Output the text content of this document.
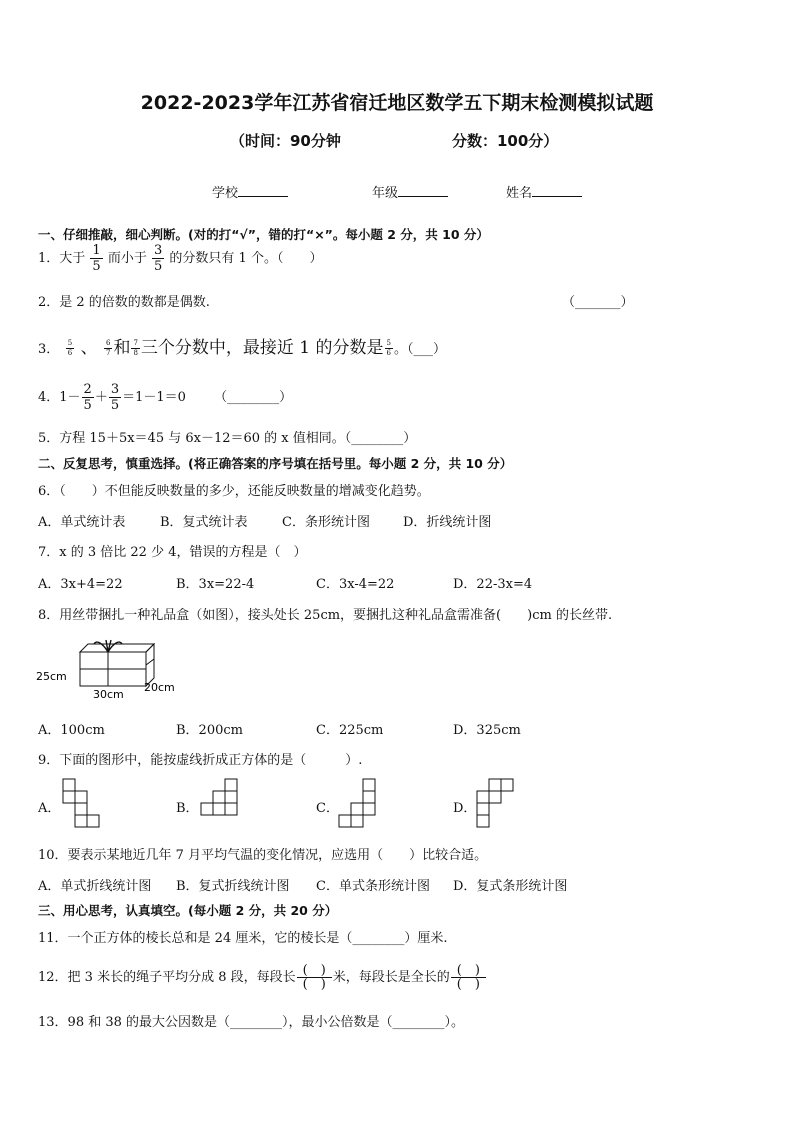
2022-2023学年江苏省宿迁地区数学五下期末检测模拟试题
（时间：90分钟	分数：100分）
学校	年级	姓名
一、仔细推敲，细心判断。(对的打“√”，错的打“×”。每小题 2 分，共 10 分）
1．大于 $\frac{1}{5}$ 而小于 $\frac{3}{5}$ 的分数只有 1 个。（　　）
2．是 2 的倍数的数都是偶数.	（_______）
3． $\frac{5}{6}$ 、 $\frac{6}{7}$ 和 $\frac{7}{8}$ 三个分数中，最接近 1 的分数是 $\frac{5}{6}$ 。（___）
4．$1- \frac{2}{5} + \frac{3}{5} =1-1=0$ （________）
5．方程 15＋5x＝45 与 6x－12＝60 的 x 值相同。（________）
二、反复思考，慎重选择。(将正确答案的序号填在括号里。每小题 2 分，共 10 分）
6．（　　）不但能反映数量的多少，还能反映数量的增减变化趋势。
A．单式统计表	B．复式统计表	C．条形统计图	D．折线统计图
7．x 的 3 倍比 22 少 4，错误的方程是（　）
A．3x+4=22	B．3x=22-4	C．3x-4=22	D．22-3x=4
8．用丝带捆扎一种礼品盒（如图），接头处长 25cm，要捆扎这种礼品盒需准备(　　)cm 的长丝带.
25cm
30cm
20cm
A．100cm	B．200cm	C．225cm	D．325cm
9．下面的图形中，能按虚线折成正方体的是（　　　）.
A．	B．	C．	D．
10．要表示某地近几年 7 月平均气温的变化情况，应选用（　　）比较合适。
A．单式折线统计图 B．复式折线统计图 C．单式条形统计图 D．复式条形统计图
三、用心思考，认真填空。(每小题 2 分，共 20 分）
11．一个正方体的棱长总和是 24 厘米，它的棱长是（________）厘米.
12．把 3 米长的绳子平均分成 8 段，每段长 $\frac{( )}{( )}$ 米，每段长是全长的 $\frac{( )}{( )}$
13．98 和 38 的最大公因数是（________），最小公倍数是（________）。
